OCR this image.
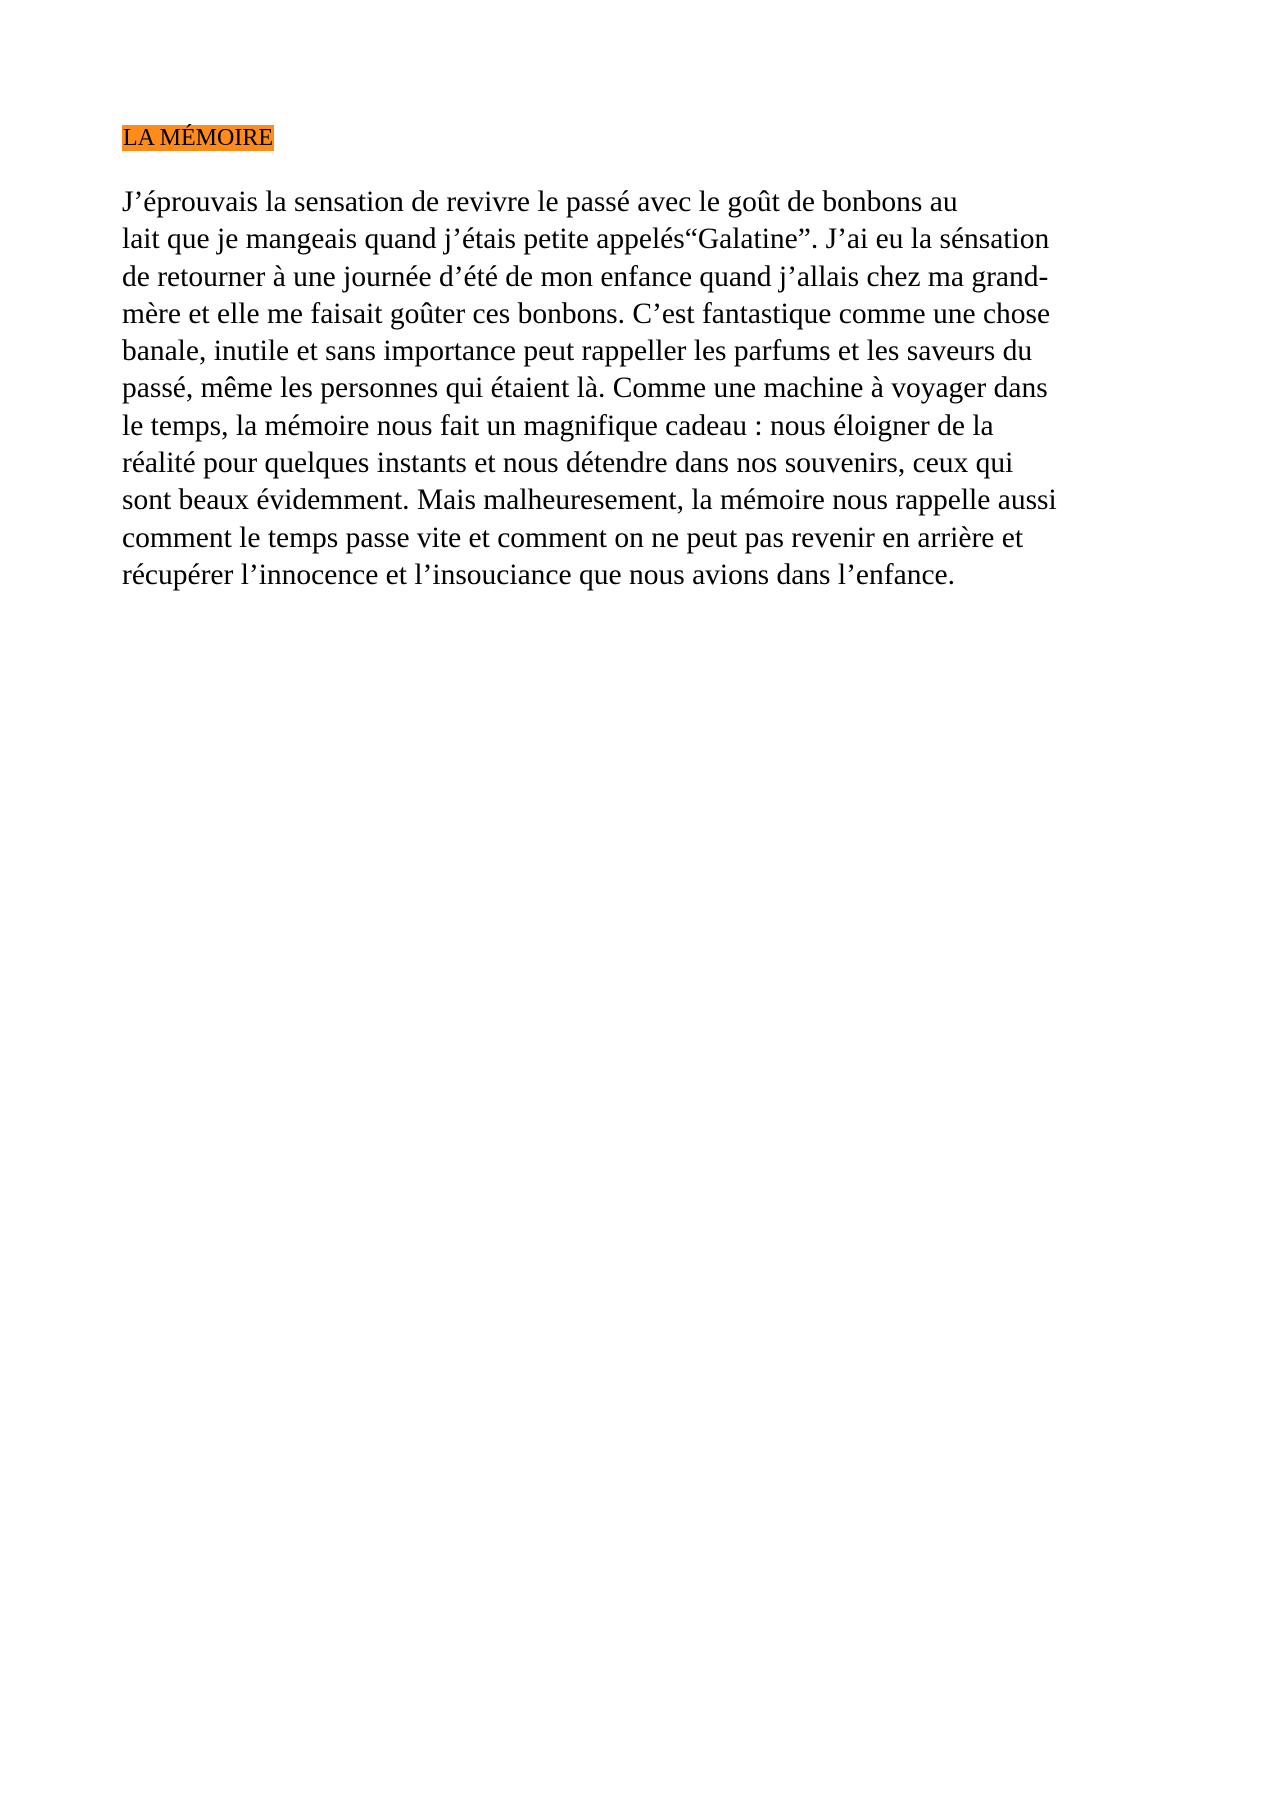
LA MÉMOIRE
J’éprouvais la sensation de revivre le passé avec le goût de bonbons au
lait que je mangeais quand j’étais petite appelés“Galatine”. J’ai eu la sénsation
de retourner à une journée d’été de mon enfance quand j’allais chez ma grand-
mère et elle me faisait goûter ces bonbons. C’est fantastique comme une chose
banale, inutile et sans importance peut rappeller les parfums et les saveurs du
passé, même les personnes qui étaient là. Comme une machine à voyager dans
le temps, la mémoire nous fait un magnifique cadeau : nous éloigner de la
réalité pour quelques instants et nous détendre dans nos souvenirs, ceux qui
sont beaux évidemment. Mais malheuresement, la mémoire nous rappelle aussi
comment le temps passe vite et comment on ne peut pas revenir en arrière et
récupérer l’innocence et l’insouciance que nous avions dans l’enfance.
